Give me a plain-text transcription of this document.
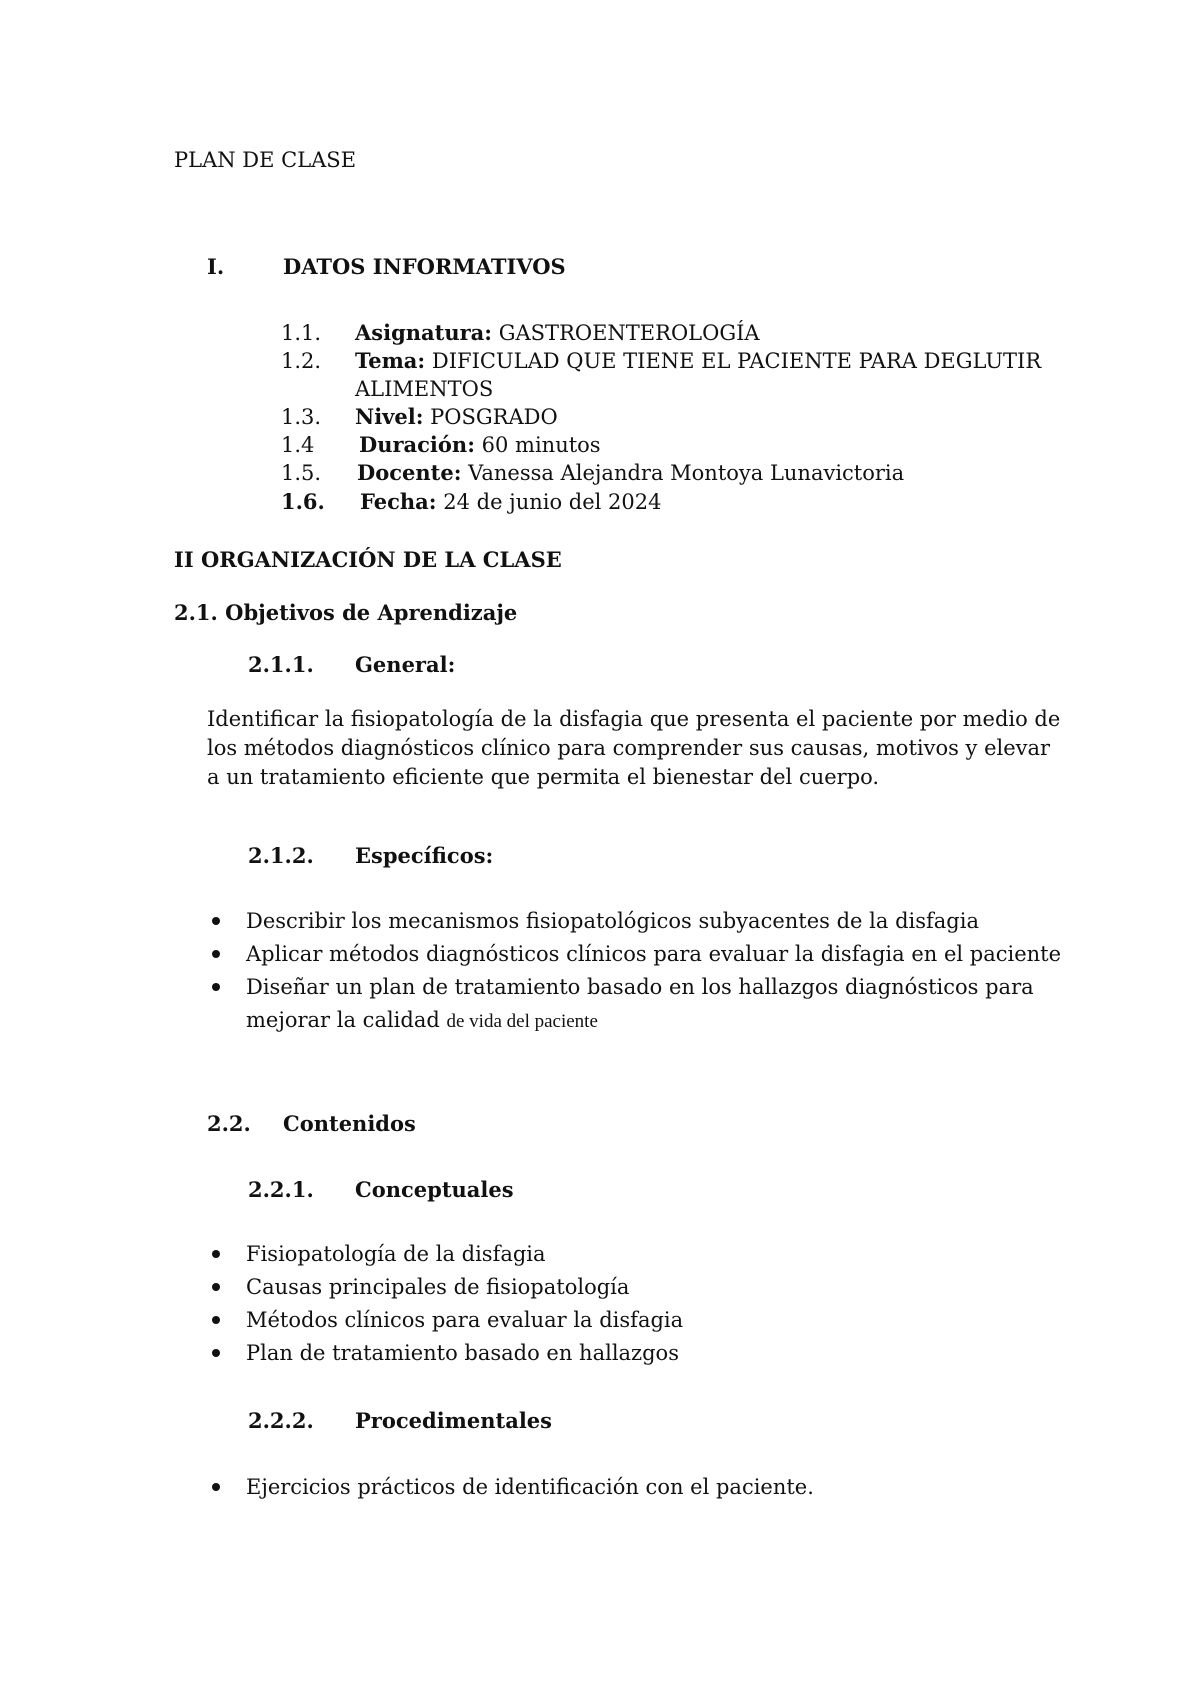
PLAN DE CLASE
I.	DATOS INFORMATIVOS
1.1. Asignatura: GASTROENTEROLOGÍA
1.2. Tema: DIFICULAD QUE TIENE EL PACIENTE PARA DEGLUTIR
ALIMENTOS
1.3. Nivel: POSGRADO
1.4 Duración: 60 minutos
1.5. Docente: Vanessa Alejandra Montoya Lunavictoria
1.6. Fecha: 24 de junio del 2024
II ORGANIZACIÓN DE LA CLASE
2.1. Objetivos de Aprendizaje
2.1.1. General:
Identificar la fisiopatología de la disfagia que presenta el paciente por medio de
los métodos diagnósticos clínico para comprender sus causas, motivos y elevar
a un tratamiento eficiente que permita el bienestar del cuerpo.
2.1.2. Específicos:
Describir los mecanismos fisiopatológicos subyacentes de la disfagia
Aplicar métodos diagnósticos clínicos para evaluar la disfagia en el paciente
Diseñar un plan de tratamiento basado en los hallazgos diagnósticos para
mejorar la calidad de vida del paciente
2.2. Contenidos
2.2.1. Conceptuales
Fisiopatología de la disfagia
Causas principales de fisiopatología
Métodos clínicos para evaluar la disfagia
Plan de tratamiento basado en hallazgos
2.2.2. Procedimentales
Ejercicios prácticos de identificación con el paciente.
